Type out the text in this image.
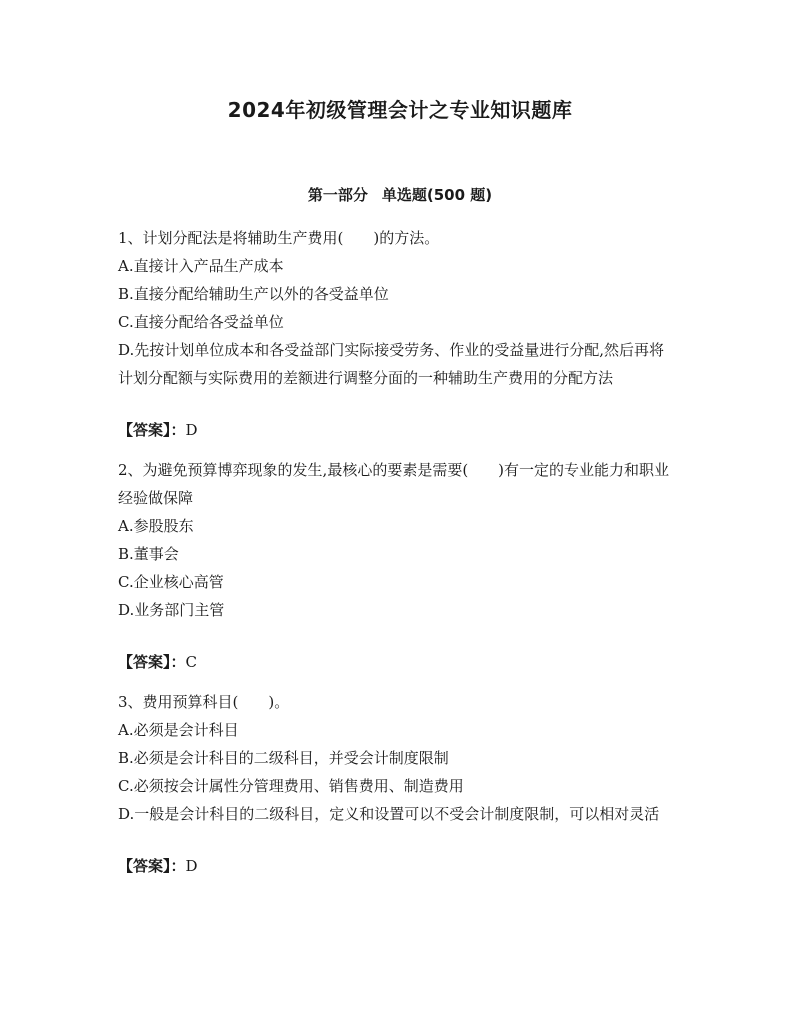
2024年初级管理会计之专业知识题库
第一部分 单选题(500 题)

1、计划分配法是将辅助生产费用(　　)的方法。

A.直接计入产品生产成本

B.直接分配给辅助生产以外的各受益单位

C.直接分配给各受益单位

D.先按计划单位成本和各受益部门实际接受劳务、作业的受益量进行分配,然后再将计划分配额与实际费用的差额进行调整分面的一种辅助生产费用的分配方法

【答案】：D

2、为避免预算博弈现象的发生,最核心的要素是需要(　　)有一定的专业能力和职业经验做保障

A.参股股东

B.董事会

C.企业核心高管

D.业务部门主管

【答案】：C

3、费用预算科目(　　)。

A.必须是会计科目

B.必须是会计科目的二级科目，并受会计制度限制

C.必须按会计属性分管理费用、销售费用、制造费用

D.一般是会计科目的二级科目，定义和设置可以不受会计制度限制，可以相对灵活

【答案】：D
